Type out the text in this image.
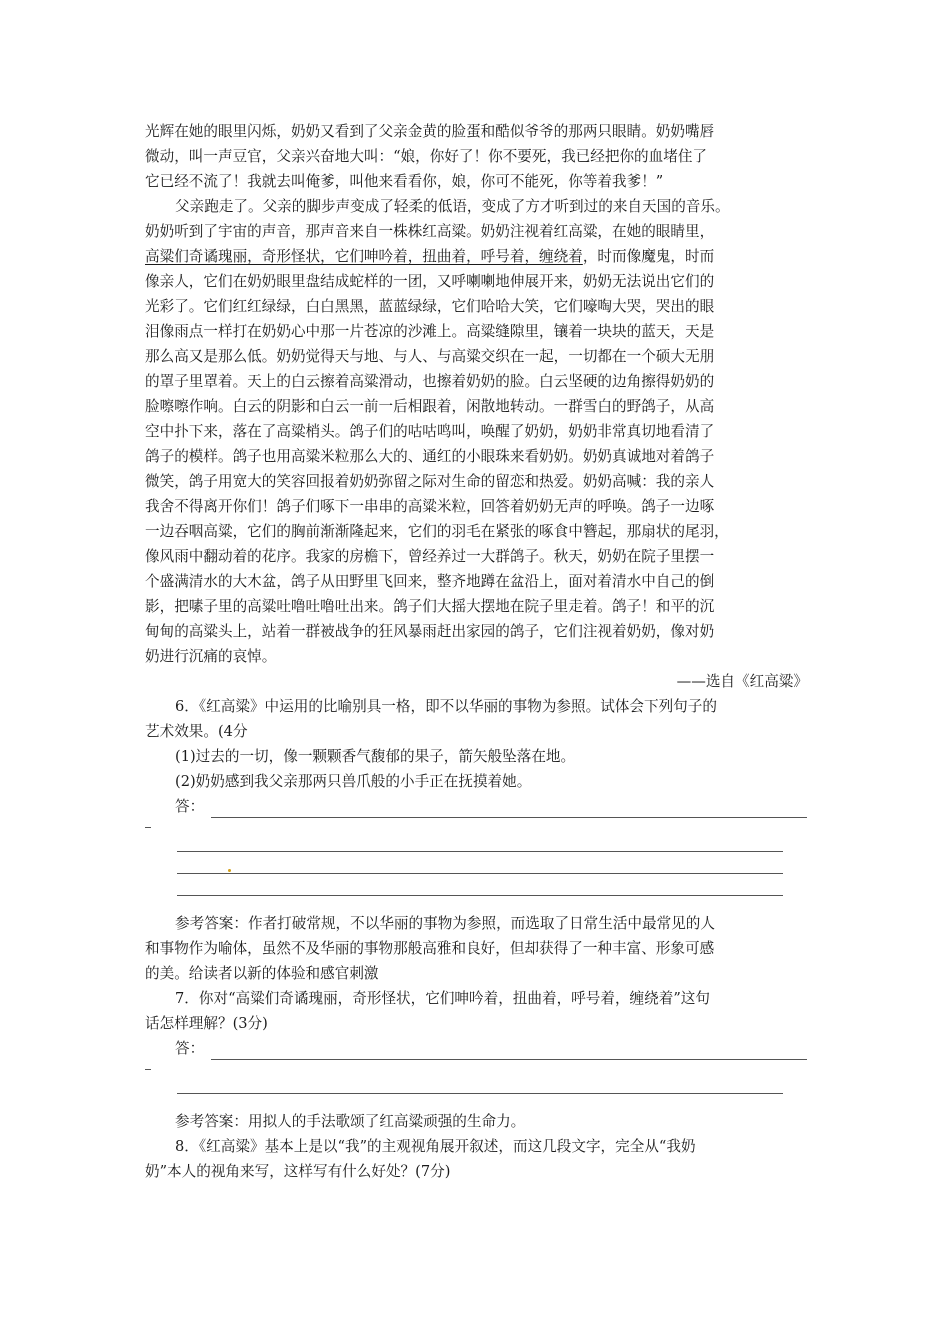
光辉在她的眼里闪烁，奶奶又看到了父亲金黄的脸蛋和酷似爷爷的那两只眼睛。奶奶嘴唇
微动，叫一声豆官，父亲兴奋地大叫：“娘，你好了！你不要死，我已经把你的血堵住了
它已经不流了！我就去叫俺爹，叫他来看看你，娘，你可不能死，你等着我爹！”
父亲跑走了。父亲的脚步声变成了轻柔的低语，变成了方才听到过的来自天国的音乐。
奶奶听到了宇宙的声音，那声音来自一株株红高粱。奶奶注视着红高粱，在她的眼睛里，
高粱们奇谲瑰丽，奇形怪状，它们呻吟着，扭曲着，呼号着，缠绕着，时而像魔鬼，时而
像亲人，它们在奶奶眼里盘结成蛇样的一团，又呼喇喇地伸展开来，奶奶无法说出它们的
光彩了。它们红红绿绿，白白黑黑，蓝蓝绿绿，它们哈哈大笑，它们嚎啕大哭，哭出的眼
泪像雨点一样打在奶奶心中那一片苍凉的沙滩上。高粱缝隙里，镶着一块块的蓝天，天是
那么高又是那么低。奶奶觉得天与地、与人、与高粱交织在一起，一切都在一个硕大无朋
的罩子里罩着。天上的白云擦着高粱滑动，也擦着奶奶的脸。白云坚硬的边角擦得奶奶的
脸嚓嚓作响。白云的阴影和白云一前一后相跟着，闲散地转动。一群雪白的野鸽子，从高
空中扑下来，落在了高粱梢头。鸽子们的咕咕鸣叫，唤醒了奶奶，奶奶非常真切地看清了
鸽子的模样。鸽子也用高粱米粒那么大的、通红的小眼珠来看奶奶。奶奶真诚地对着鸽子
微笑，鸽子用宽大的笑容回报着奶奶弥留之际对生命的留恋和热爱。奶奶高喊：我的亲人
我舍不得离开你们！鸽子们啄下一串串的高粱米粒，回答着奶奶无声的呼唤。鸽子一边啄
一边吞咽高粱，它们的胸前渐渐隆起来，它们的羽毛在紧张的啄食中簪起，那扇状的尾羽，
像风雨中翻动着的花序。我家的房檐下，曾经养过一大群鸽子。秋天，奶奶在院子里摆一
个盛满清水的大木盆，鸽子从田野里飞回来，整齐地蹲在盆沿上，面对着清水中自己的倒
影，把嗉子里的高粱吐噜吐噜吐出来。鸽子们大摇大摆地在院子里走着。鸽子！和平的沉
甸甸的高粱头上，站着一群被战争的狂风暴雨赶出家园的鸽子，它们注视着奶奶，像对奶
奶进行沉痛的哀悼。
——选自《红高粱》
6．《红高粱》中运用的比喻别具一格，即不以华丽的事物为参照。试体会下列句子的
艺术效果。(4分
(1)过去的一切，像一颗颗香气馥郁的果子，箭矢般坠落在地。
(2)奶奶感到我父亲那两只兽爪般的小手正在抚摸着她。
答：
参考答案：作者打破常规，不以华丽的事物为参照，而选取了日常生活中最常见的人
和事物作为喻体，虽然不及华丽的事物那般高雅和良好，但却获得了一种丰富、形象可感
的美。给读者以新的体验和感官刺激
7．你对“高粱们奇谲瑰丽，奇形怪状，它们呻吟着，扭曲着，呼号着，缠绕着”这句
话怎样理解？(3分)
答：
参考答案：用拟人的手法歌颂了红高粱顽强的生命力。
8．《红高粱》基本上是以“我”的主观视角展开叙述，而这几段文字，完全从“我奶
奶”本人的视角来写，这样写有什么好处？(7分)
